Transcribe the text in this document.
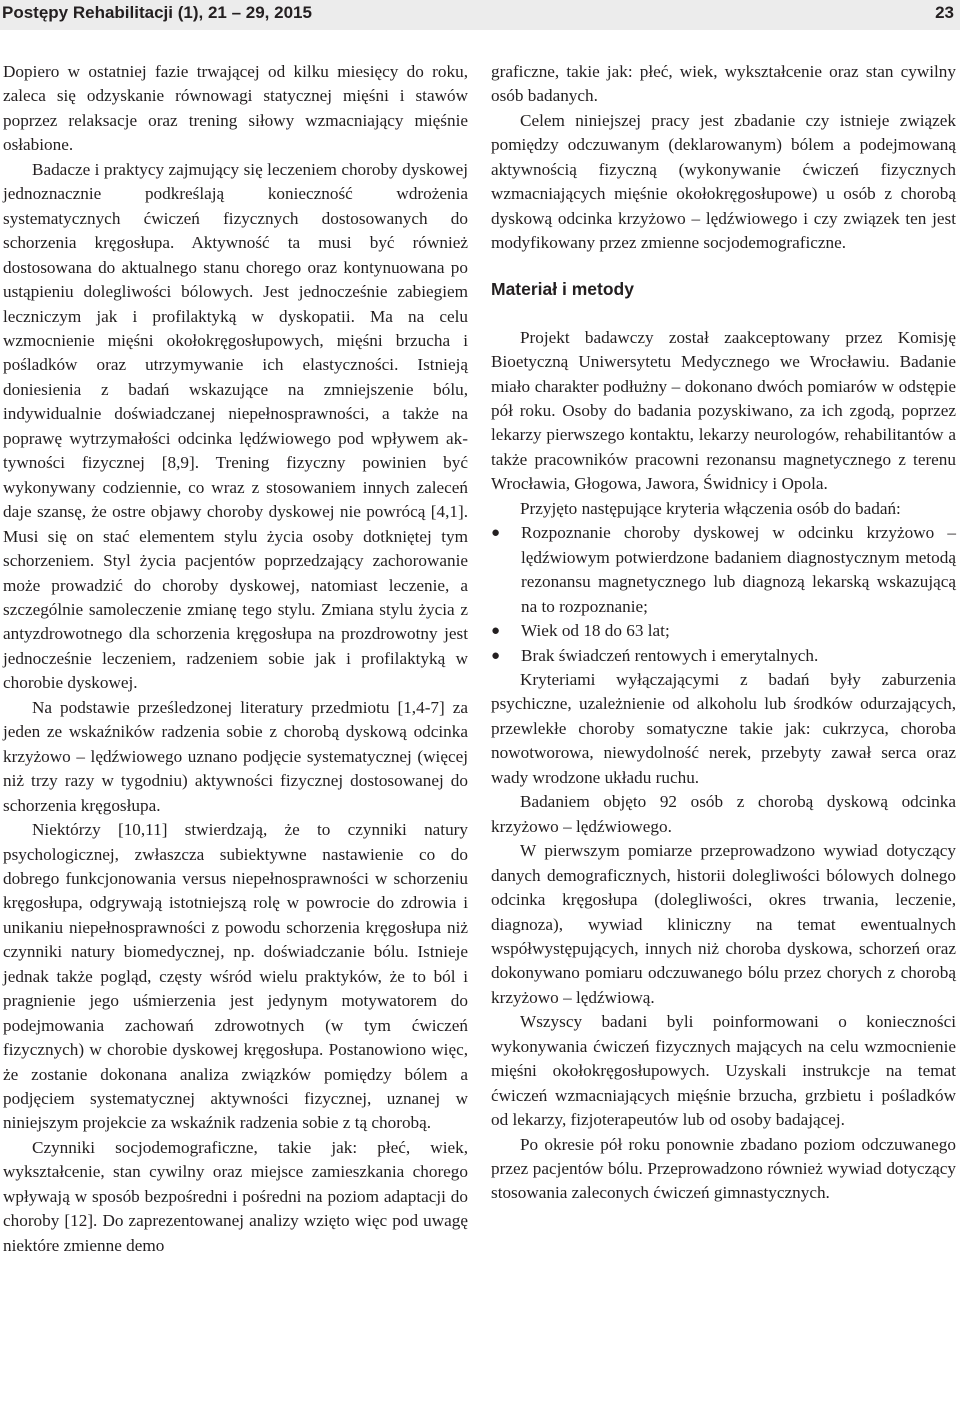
Postępy Rehabilitacji (1), 21 – 29, 2015	23

Dopiero w ostatniej fazie trwającej od kilku miesięcy do roku, zaleca się odzyskanie równowagi statycznej mięśni i stawów poprzez relaksacje oraz trening siłowy wzmacniający mięśnie osłabione.

Badacze i praktycy zajmujący się leczeniem choroby dyskowej jednoznacznie podkreślają konieczność wdrożenia systematycznych ćwiczeń fizycznych dostosowanych do schorzenia kręgosłupa. Aktywność ta musi być również dostosowana do aktualnego stanu chorego oraz kontynuowana po ustąpieniu dolegliwości bólowych. Jest jednocześnie zabiegiem leczniczym jak i profilaktyką w dyskopatii. Ma na celu wzmocnienie mięśni okołokręgosłupowych, mięśni brzucha i pośladków oraz utrzymywanie ich elastyczności. Istnieją doniesienia z badań wskazujące na zmniejszenie bólu, indywidualnie doświadczanej niepełnosprawności, a także na poprawę wytrzymałości odcinka lędźwiowego pod wpływem aktywności fizycznej [8,9]. Trening fizyczny powinien być wykonywany codziennie, co wraz z stosowaniem innych zaleceń daje szansę, że ostre objawy choroby dyskowej nie powrócą [4,1]. Musi się on stać elementem stylu życia osoby dotkniętej tym schorzeniem. Styl życia pacjentów poprzedzający zachorowanie może prowadzić do choroby dyskowej, natomiast leczenie, a szczególnie samoleczenie zmianę tego stylu. Zmiana stylu życia z antyzdrowotnego dla schorzenia kręgosłupa na prozdrowotny jest jednocześnie leczeniem, radzeniem sobie jak i profilaktyką w chorobie dyskowej.

Na podstawie prześledzonej literatury przedmiotu [1,4-7] za jeden ze wskaźników radzenia sobie z chorobą dyskową odcinka krzyżowo – lędźwiowego uznano podjęcie systematycznej (więcej niż trzy razy w tygodniu) aktywności fizycznej dostosowanej do schorzenia kręgosłupa.

Niektórzy [10,11] stwierdzają, że to czynniki natury psychologicznej, zwłaszcza subiektywne nastawienie co do dobrego funkcjonowania versus niepełnosprawności w schorzeniu kręgosłupa, odgrywają istotniejszą rolę w powrocie do zdrowia i unikaniu niepełnosprawności z powodu schorzenia kręgosłupa niż czynniki natury biomedycznej, np. doświadczanie bólu. Istnieje jednak także pogląd, częsty wśród wielu praktyków, że to ból i pragnienie jego uśmierzenia jest jedynym motywatorem do podejmowania zachowań zdrowotnych (w tym ćwiczeń fizycznych) w chorobie dyskowej kręgosłupa. Postanowiono więc, że zostanie dokonana analiza związków pomiędzy bólem a podjęciem systematycznej aktywności fizycznej, uznanej w niniejszym projekcie za wskaźnik radzenia sobie z tą chorobą.

Czynniki socjodemograficzne, takie jak: płeć, wiek, wykształcenie, stan cywilny oraz miejsce zamieszkania chorego wpływają w sposób bezpośredni i pośredni na poziom adaptacji do choroby [12]. Do zaprezentowanej analizy wzięto więc pod uwagę niektóre zmienne demo

graficzne, takie jak: płeć, wiek, wykształcenie oraz stan cywilny osób badanych.

Celem niniejszej pracy jest zbadanie czy istnieje związek pomiędzy odczuwanym (deklarowanym) bólem a podejmowaną aktywnością fizyczną (wykonywanie ćwiczeń fizycznych wzmacniających mięśnie okołokręgosłupowe) u osób z chorobą dyskową odcinka krzyżowo – lędźwiowego i czy związek ten jest modyfikowany przez zmienne socjodemograficzne.

Materiał i metody

Projekt badawczy został zaakceptowany przez Komisję Bioetyczną Uniwersytetu Medycznego we Wrocławiu. Badanie miało charakter podłużny – dokonano dwóch pomiarów w odstępie pół roku. Osoby do badania pozyskiwano, za ich zgodą, poprzez lekarzy pierwszego kontaktu, lekarzy neurologów, rehabilitantów a także pracowników pracowni rezonansu magnetycznego z terenu Wrocławia, Głogowa, Jawora, Świdnicy i Opola.

Przyjęto następujące kryteria włączenia osób do badań:

● Rozpoznanie choroby dyskowej w odcinku krzyżowo – lędźwiowym potwierdzone badaniem diagnostycznym metodą rezonansu magnetycznego lub diagnozą lekarską wskazującą na to rozpoznanie;
● Wiek od 18 do 63 lat;
● Brak świadczeń rentowych i emerytalnych.

Kryteriami wyłączającymi z badań były zaburzenia psychiczne, uzależnienie od alkoholu lub środków odurzających, przewlekłe choroby somatyczne takie jak: cukrzyca, choroba nowotworowa, niewydolność nerek, przebyty zawał serca oraz wady wrodzone układu ruchu.

Badaniem objęto 92 osób z chorobą dyskową odcinka krzyżowo – lędźwiowego.

W pierwszym pomiarze przeprowadzono wywiad dotyczący danych demograficznych, historii dolegliwości bólowych dolnego odcinka kręgosłupa (dolegliwości, okres trwania, leczenie, diagnoza), wywiad kliniczny na temat ewentualnych współwystępujących, innych niż choroba dyskowa, schorzeń oraz dokonywano pomiaru odczuwanego bólu przez chorych z chorobą krzyżowo – lędźwiową.

Wszyscy badani byli poinformowani o konieczności wykonywania ćwiczeń fizycznych mających na celu wzmocnienie mięśni okołokręgosłupowych. Uzyskali instrukcje na temat ćwiczeń wzmacniających mięśnie brzucha, grzbietu i pośladków od lekarzy, fizjoterapeutów lub od osoby badającej.

Po okresie pół roku ponownie zbadano poziom odczuwanego przez pacjentów bólu. Przeprowadzono również wywiad dotyczący stosowania zaleconych ćwiczeń gimnastycznych.
